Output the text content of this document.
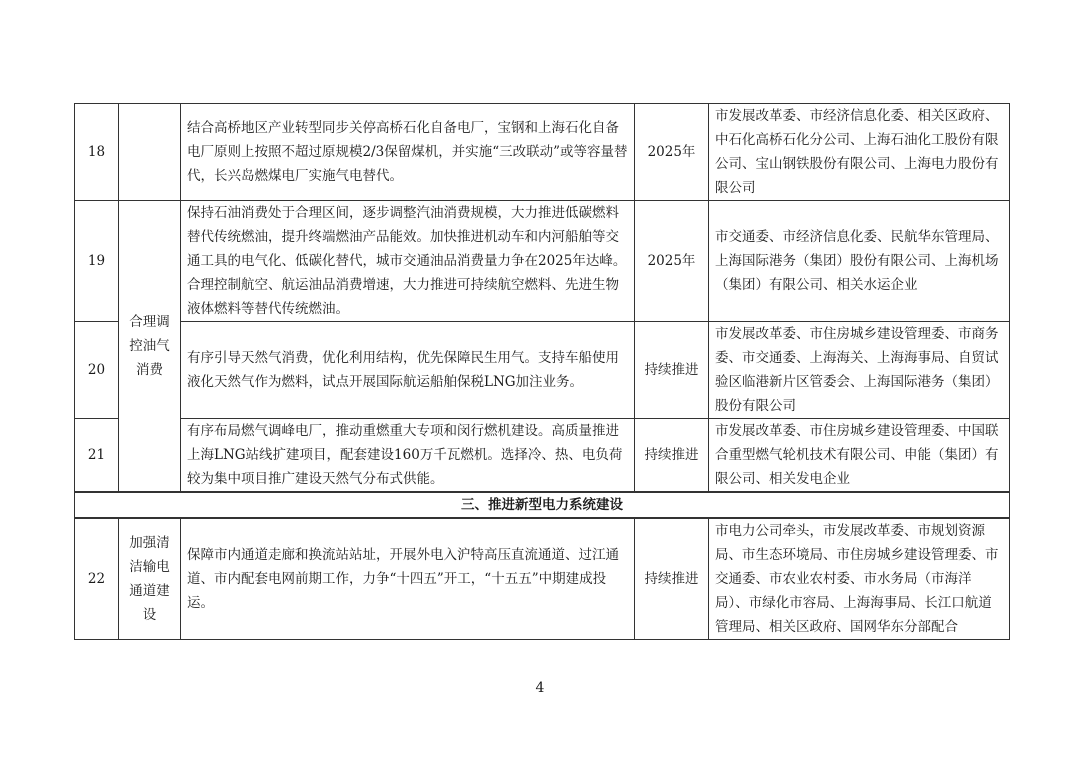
18		结合高桥地区产业转型同步关停高桥石化自备电厂，宝钢和上海石化自备电厂原则上按照不超过原规模2/3保留煤机，并实施“三改联动”或等容量替代，长兴岛燃煤电厂实施气电替代。	2025年	市发展改革委、市经济信息化委、相关区政府、中石化高桥石化分公司、上海石油化工股份有限公司、宝山钢铁股份有限公司、上海电力股份有限公司
19	合理调控油气消费	保持石油消费处于合理区间，逐步调整汽油消费规模，大力推进低碳燃料替代传统燃油，提升终端燃油产品能效。加快推进机动车和内河船舶等交通工具的电气化、低碳化替代，城市交通油品消费量力争在2025年达峰。合理控制航空、航运油品消费增速，大力推进可持续航空燃料、先进生物液体燃料等替代传统燃油。	2025年	市交通委、市经济信息化委、民航华东管理局、上海国际港务（集团）股份有限公司、上海机场（集团）有限公司、相关水运企业
20		有序引导天然气消费，优化利用结构，优先保障民生用气。支持车船使用液化天然气作为燃料，试点开展国际航运船舶保税LNG加注业务。	持续推进	市发展改革委、市住房城乡建设管理委、市商务委、市交通委、上海海关、上海海事局、自贸试验区临港新片区管委会、上海国际港务（集团）股份有限公司
21		有序布局燃气调峰电厂，推动重燃重大专项和闵行燃机建设。高质量推进上海LNG站线扩建项目，配套建设160万千瓦燃机。选择冷、热、电负荷较为集中项目推广建设天然气分布式供能。	持续推进	市发展改革委、市住房城乡建设管理委、中国联合重型燃气轮机技术有限公司、申能（集团）有限公司、相关发电企业
三、推进新型电力系统建设				
22	加强清洁输电通道建设	保障市内通道走廊和换流站站址，开展外电入沪特高压直流通道、过江通道、市内配套电网前期工作，力争“十四五”开工，“十五五”中期建成投运。	持续推进	市电力公司牵头，市发展改革委、市规划资源局、市生态环境局、市住房城乡建设管理委、市交通委、市农业农村委、市水务局（市海洋局）、市绿化市容局、上海海事局、长江口航道管理局、相关区政府、国网华东分部配合
4
